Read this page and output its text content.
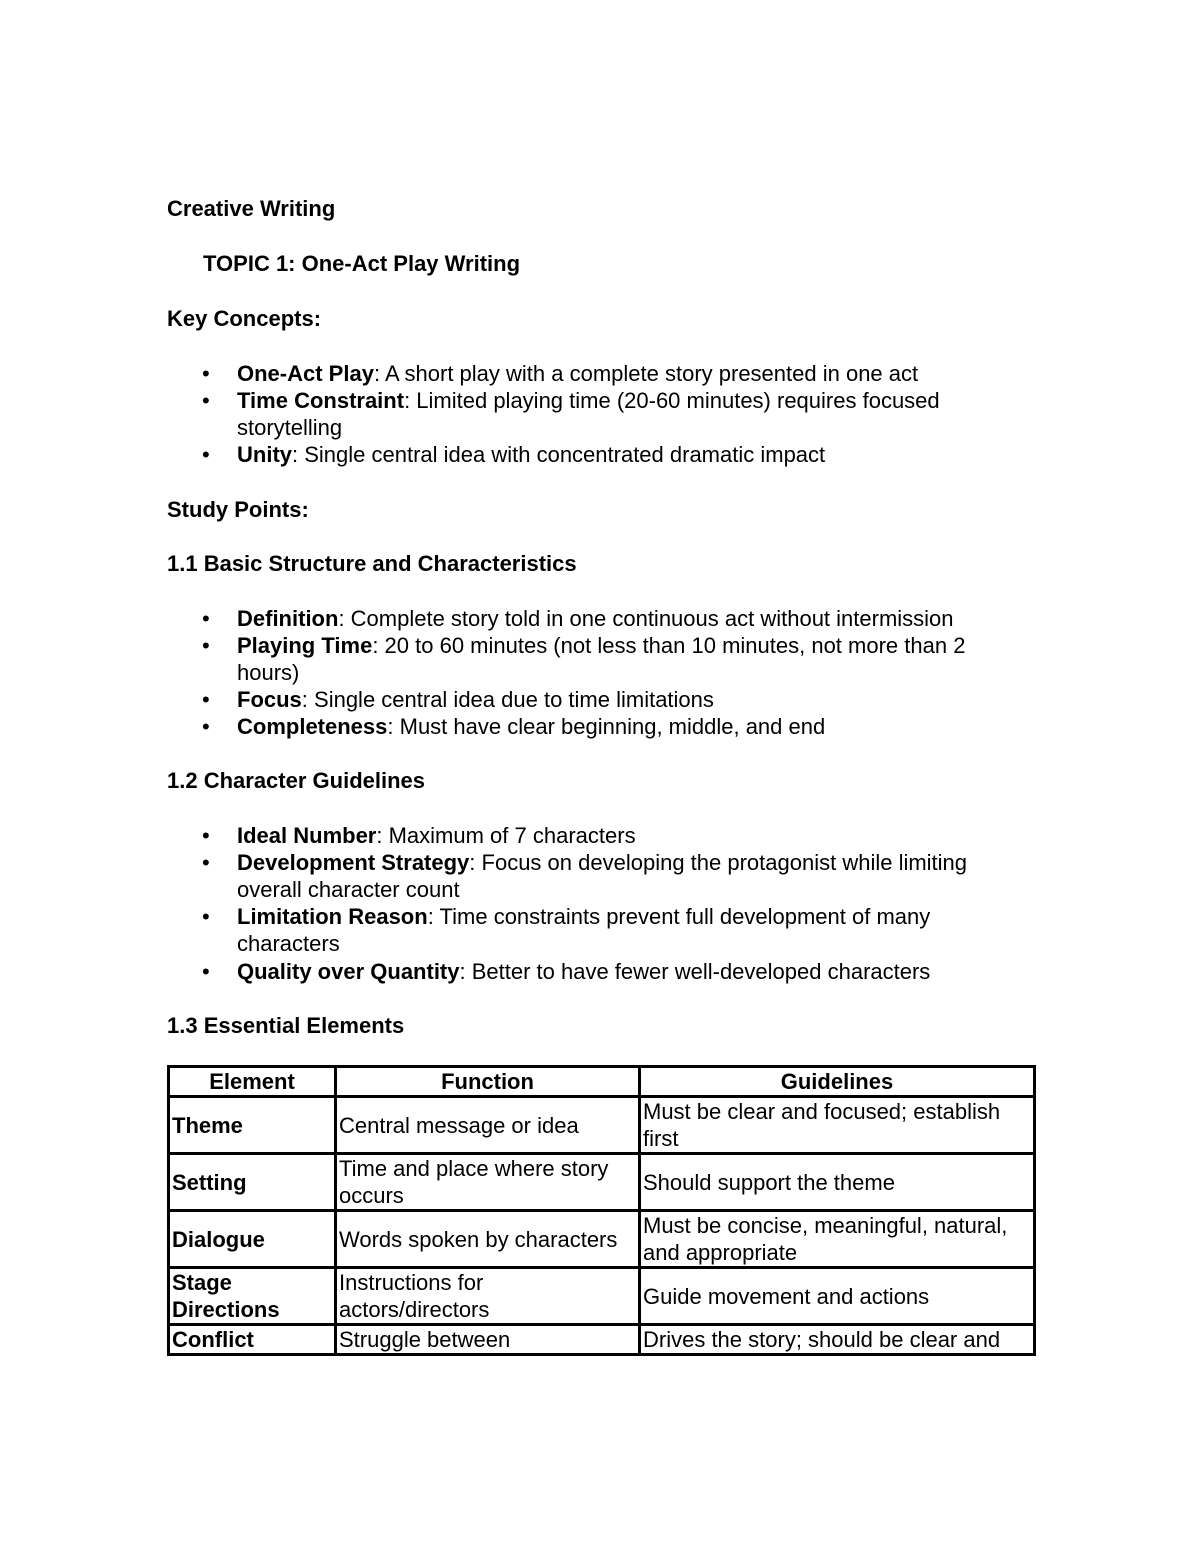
Creative Writing
TOPIC 1: One-Act Play Writing
Key Concepts:
•	One-Act Play: A short play with a complete story presented in one act
•	Time Constraint: Limited playing time (20-60 minutes) requires focused storytelling
•	Unity: Single central idea with concentrated dramatic impact
Study Points:
1.1 Basic Structure and Characteristics
•	Definition: Complete story told in one continuous act without intermission
•	Playing Time: 20 to 60 minutes (not less than 10 minutes, not more than 2 hours)
•	Focus: Single central idea due to time limitations
•	Completeness: Must have clear beginning, middle, and end
1.2 Character Guidelines
•	Ideal Number: Maximum of 7 characters
•	Development Strategy: Focus on developing the protagonist while limiting overall character count
•	Limitation Reason: Time constraints prevent full development of many characters
•	Quality over Quantity: Better to have fewer well-developed characters
1.3 Essential Elements
Element	Function	Guidelines
Theme	Central message or idea	Must be clear and focused; establish first
Setting	Time and place where story occurs	Should support the theme
Dialogue	Words spoken by characters	Must be concise, meaningful, natural, and appropriate
Stage Directions	Instructions for actors/directors	Guide movement and actions
Conflict	Struggle between	Drives the story; should be clear and
